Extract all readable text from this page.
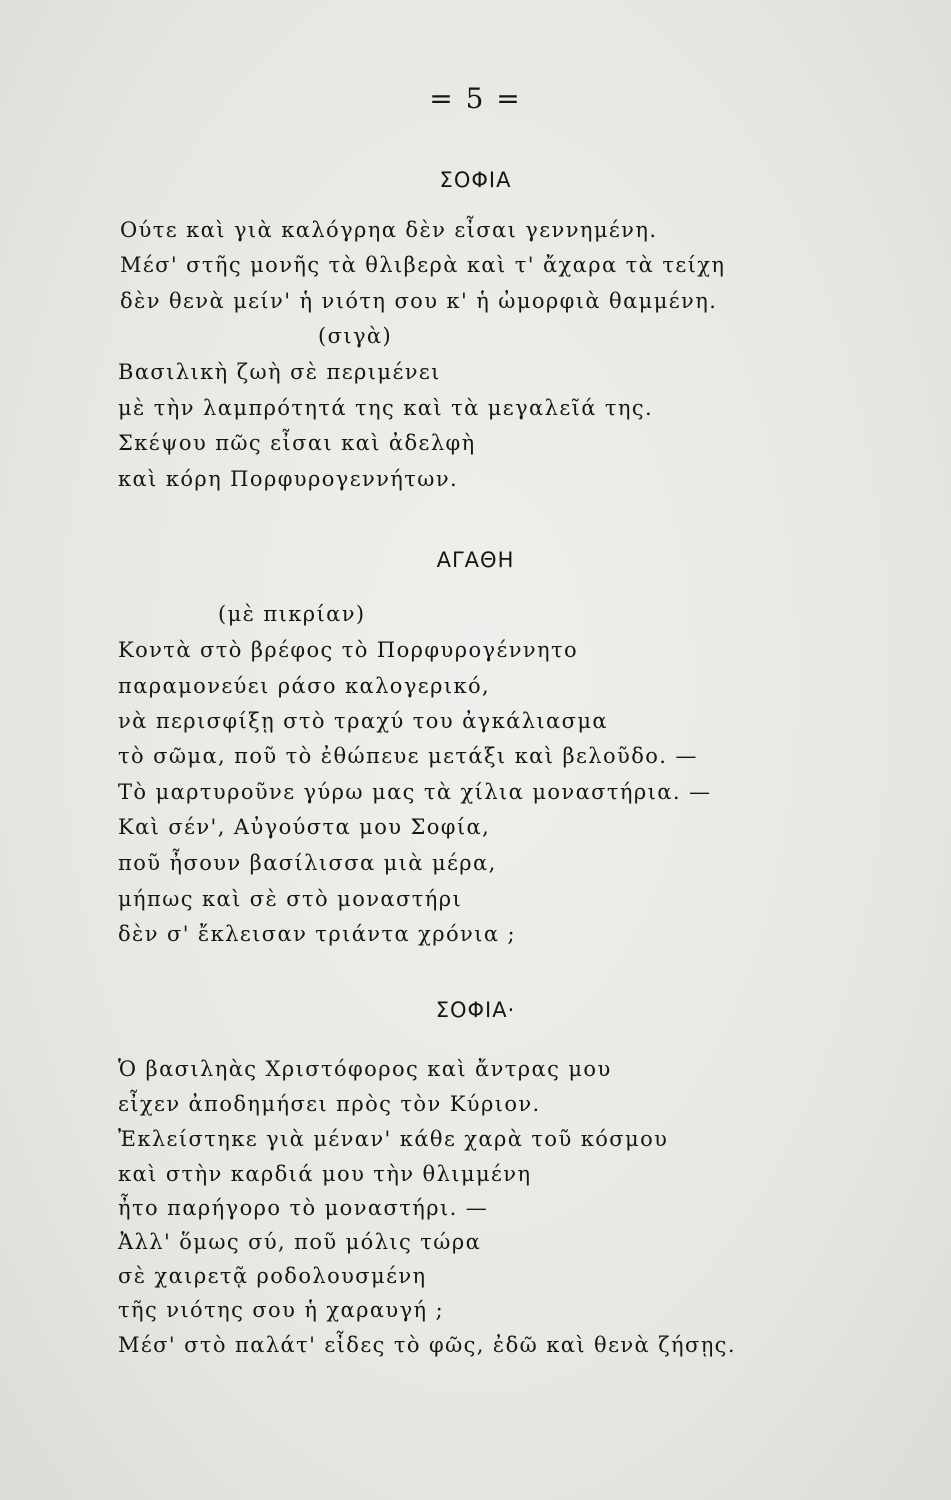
= 5 =
ΣΟΦΙΑ
Ούτε καὶ γιὰ καλόγρηα δὲν εἶσαι γεννημένη.
Μέσ' στῆς μονῆς τὰ θλιβερὰ καὶ τ' ἄχαρα τὰ τείχη
δὲν θενὰ μείν' ἡ νιότη σου κ' ἡ ὠμορφιὰ θαμμένη.
(σιγὰ)
Βασιλικὴ ζωὴ σὲ περιμένει
μὲ τὴν λαμπρότητά της καὶ τὰ μεγαλεῖά της.
Σκέψου πῶς εἶσαι καὶ ἀδελφὴ
καὶ κόρη Πορφυρογεννήτων.
ΑΓΑΘΗ
(μὲ πικρίαν)
Κοντὰ στὸ βρέφος τὸ Πορφυρογέννητο
παραμονεύει ράσο καλογερικό,
νὰ περισφίξῃ στὸ τραχύ του ἀγκάλιασμα
τὸ σῶμα, ποῦ τὸ ἐθώπευε μετάξι καὶ βελοῦδο. —
Τὸ μαρτυροῦνε γύρω μας τὰ χίλια μοναστήρια. —
Καὶ σέν', Αὐγούστα μου Σοφία,
ποῦ ἦσουν βασίλισσα μιὰ μέρα,
μήπως καὶ σὲ στὸ μοναστήρι
δὲν σ' ἔκλεισαν τριάντα χρόνια ;
ΣΟΦΙΑ·
Ὁ βασιληὰς Χριστόφορος καὶ ἄντρας μου
εἶχεν ἀποδημήσει πρὸς τὸν Κύριον.
Ἐκλείστηκε γιὰ μέναν' κάθε χαρὰ τοῦ κόσμου
καὶ στὴν καρδιά μου τὴν θλιμμένη
ἦτο παρήγορο τὸ μοναστήρι. —
Ἀλλ' ὅμως σύ, ποῦ μόλις τώρα
σὲ χαιρετᾷ ροδολουσμένη
τῆς νιότης σου ἡ χαραυγή ;
Μέσ' στὸ παλάτ' εἶδες τὸ φῶς, ἐδῶ καὶ θενὰ ζήσῃς.
